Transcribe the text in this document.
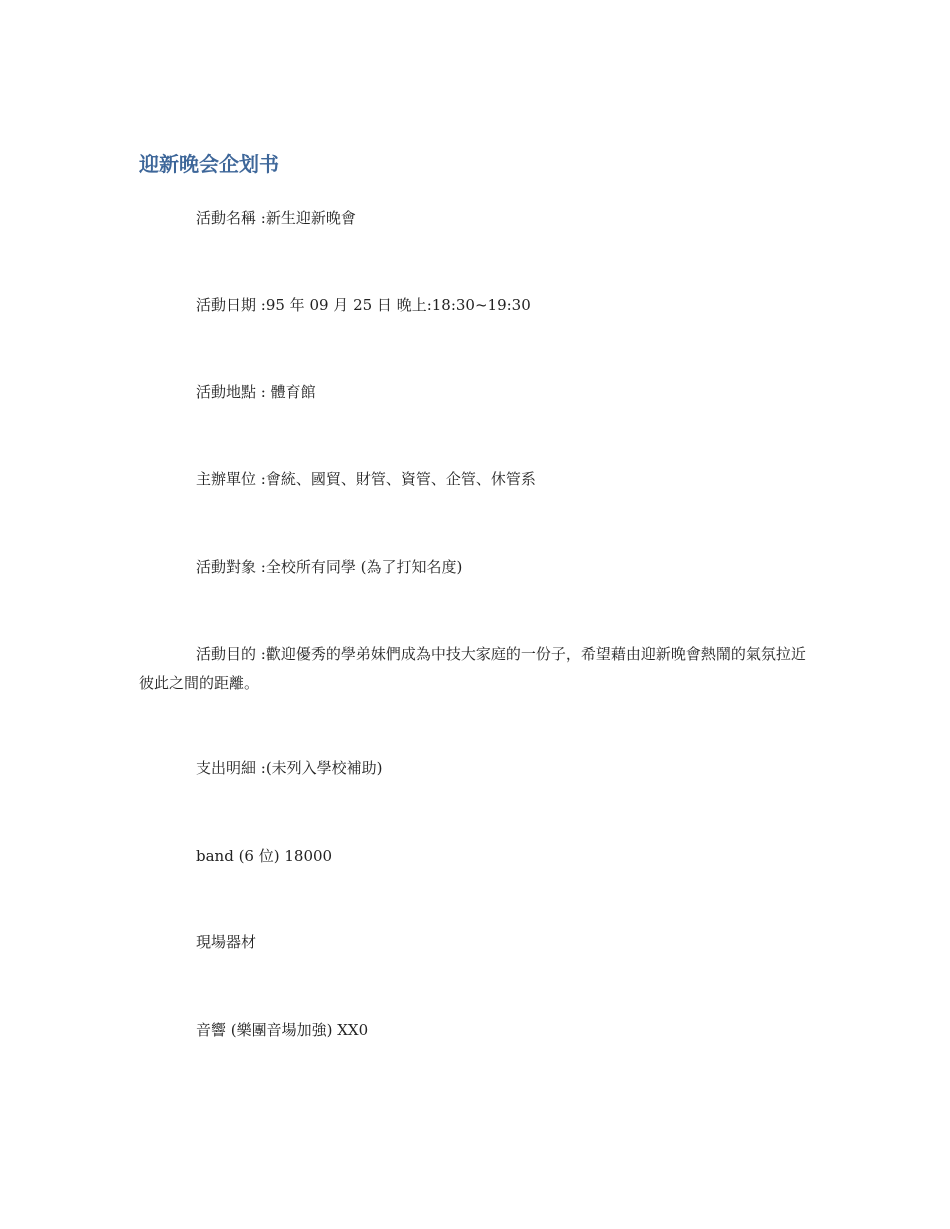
迎新晚会企划书
活動名稱 :新生迎新晚會
活動日期 :95 年 09 月 25 日 晚上:18:30~19:30
活動地點 : 體育館
主辦單位 :會統、國貿、財管、資管、企管、休管系
活動對象 :全校所有同學 (為了打知名度)
活動目的 :歡迎優秀的學弟妹們成為中技大家庭的一份子，希望藉由迎新晚會熱鬧的氣氛拉近彼此之間的距離。
支出明細 :(未列入學校補助)
band (6 位) 18000
現場器材
音響 (樂團音場加強) XX0
